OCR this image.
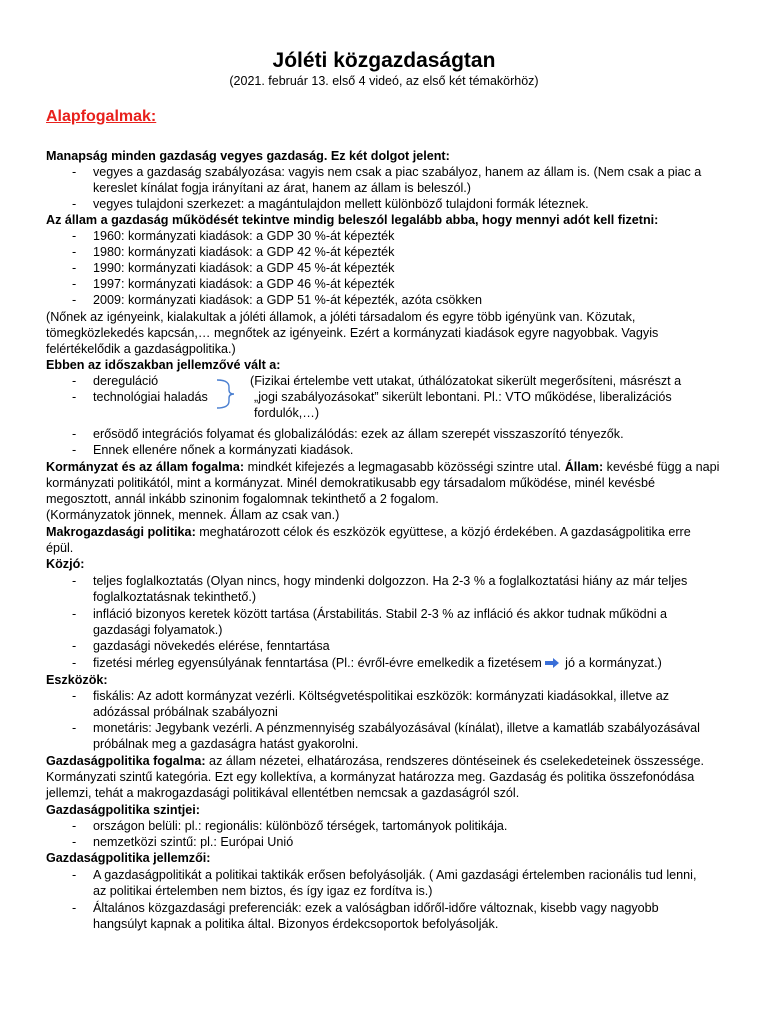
Jóléti közgazdaságtan
(2021. február 13. első 4 videó, az első két témakörhöz)
Alapfogalmak:
Manapság minden gazdaság vegyes gazdaság. Ez két dolgot jelent:
- vegyes a gazdaság szabályozása: vagyis nem csak a piac szabályoz, hanem az állam is. (Nem csak a piac a
kereslet kínálat fogja irányítani az árat, hanem az állam is beleszól.)
- vegyes tulajdoni szerkezet: a magántulajdon mellett különböző tulajdoni formák léteznek.
Az állam a gazdaság működését tekintve mindig beleszól legalább abba, hogy mennyi adót kell fizetni:
- 1960: kormányzati kiadások: a GDP 30 %-át képezték
- 1980: kormányzati kiadások: a GDP 42 %-át képezték
- 1990: kormányzati kiadások: a GDP 45 %-át képezték
- 1997: kormányzati kiadások: a GDP 46 %-át képezték
- 2009: kormányzati kiadások: a GDP 51 %-át képezték, azóta csökken
(Nőnek az igényeink, kialakultak a jóléti államok, a jóléti társadalom és egyre több igényünk van. Közutak,
tömegközlekedés kapcsán,… megnőtek az igényeink. Ezért a kormányzati kiadások egyre nagyobbak. Vagyis
felértékelődik a gazdaságpolitika.)
Ebben az időszakban jellemzővé vált a:
- dereguláció	(Fizikai értelembe vett utakat, úthálózatokat sikerült megerősíteni, másrészt a
- technológiai haladás	„jogi szabályozásokat” sikerült lebontani. Pl.: VTO működése, liberalizációs
fordulók,…)
- erősödő integrációs folyamat és globalizálódás: ezek az állam szerepét visszaszorító tényezők.
- Ennek ellenére nőnek a kormányzati kiadások.
Kormányzat és az állam fogalma: mindkét kifejezés a legmagasabb közösségi szintre utal. Állam: kevésbé függ a napi
kormányzati politikától, mint a kormányzat. Minél demokratikusabb egy társadalom működése, minél kevésbé
megosztott, annál inkább szinonim fogalomnak tekinthető a 2 fogalom.
(Kormányzatok jönnek, mennek. Állam az csak van.)
Makrogazdasági politika: meghatározott célok és eszközök együttese, a közjó érdekében. A gazdaságpolitika erre
épül.
Közjó:
- teljes foglalkoztatás (Olyan nincs, hogy mindenki dolgozzon. Ha 2-3 % a foglalkoztatási hiány az már teljes
foglalkoztatásnak tekinthető.)
- infláció bizonyos keretek között tartása (Árstabilitás. Stabil 2-3 % az infláció és akkor tudnak működni a
gazdasági folyamatok.)
- gazdasági növekedés elérése, fenntartása
- fizetési mérleg egyensúlyának fenntartása (Pl.: évről-évre emelkedik a fizetésem jó a kormányzat.)
Eszközök:
- fiskális: Az adott kormányzat vezérli. Költségvetéspolitikai eszközök: kormányzati kiadásokkal, illetve az
adózással próbálnak szabályozni
- monetáris: Jegybank vezérli. A pénzmennyiség szabályozásával (kínálat), illetve a kamatláb szabályozásával
próbálnak meg a gazdaságra hatást gyakorolni.
Gazdaságpolitika fogalma: az állam nézetei, elhatározása, rendszeres döntéseinek és cselekedeteinek összessége.
Kormányzati szintű kategória. Ezt egy kollektíva, a kormányzat határozza meg. Gazdaság és politika összefonódása
jellemzi, tehát a makrogazdasági politikával ellentétben nemcsak a gazdaságról szól.
Gazdaságpolitika szintjei:
- országon belüli: pl.: regionális: különböző térségek, tartományok politikája.
- nemzetközi szintű: pl.: Európai Unió
Gazdaságpolitika jellemzői:
- A gazdaságpolitikát a politikai taktikák erősen befolyásolják. ( Ami gazdasági értelemben racionális tud lenni,
az politikai értelemben nem biztos, és így igaz ez fordítva is.)
- Általános közgazdasági preferenciák: ezek a valóságban időről-időre változnak, kisebb vagy nagyobb
hangsúlyt kapnak a politika által. Bizonyos érdekcsoportok befolyásolják.
